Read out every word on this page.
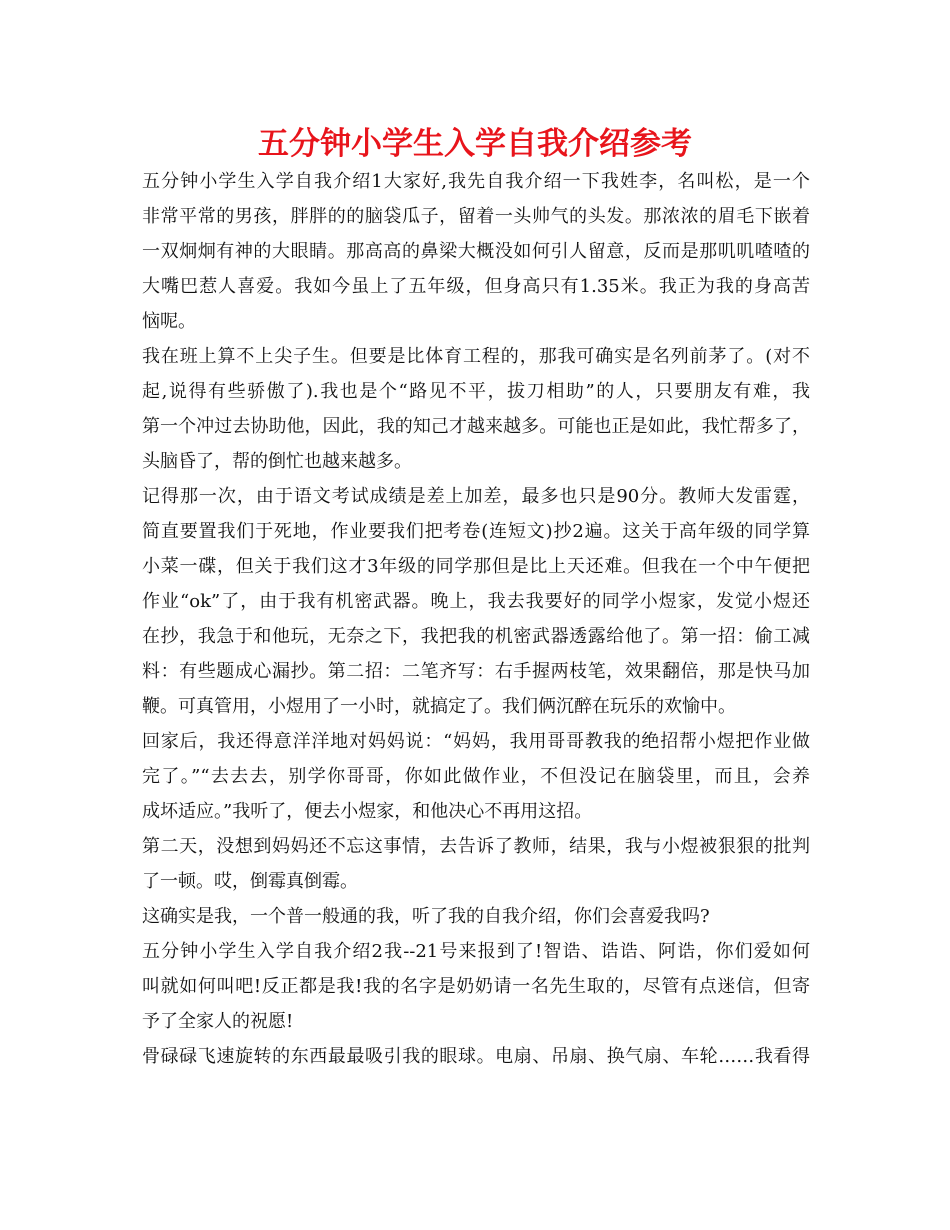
五分钟小学生入学自我介绍参考
五分钟小学生入学自我介绍1大家好,我先自我介绍一下我姓李，名叫松，是一个
非常平常的男孩，胖胖的的脑袋瓜子，留着一头帅气的头发。那浓浓的眉毛下嵌着
一双炯炯有神的大眼睛。那高高的鼻梁大概没如何引人留意，反而是那叽叽喳喳的
大嘴巴惹人喜爱。我如今虽上了五年级，但身高只有1.35米。我正为我的身高苦
恼呢。
我在班上算不上尖子生。但要是比体育工程的，那我可确实是名列前茅了。(对不
起,说得有些骄傲了).我也是个“路见不平，拔刀相助”的人，只要朋友有难，我
第一个冲过去协助他，因此，我的知己才越来越多。可能也正是如此，我忙帮多了，
头脑昏了，帮的倒忙也越来越多。
记得那一次，由于语文考试成绩是差上加差，最多也只是90分。教师大发雷霆，
简直要置我们于死地，作业要我们把考卷(连短文)抄2遍。这关于高年级的同学算
小菜一碟，但关于我们这才3年级的同学那但是比上天还难。但我在一个中午便把
作业“ok”了，由于我有机密武器。晚上，我去我要好的同学小煜家，发觉小煜还
在抄，我急于和他玩，无奈之下，我把我的机密武器透露给他了。第一招：偷工减
料：有些题成心漏抄。第二招：二笔齐写：右手握两枝笔，效果翻倍，那是快马加
鞭。可真管用，小煜用了一小时，就搞定了。我们俩沉醉在玩乐的欢愉中。
回家后，我还得意洋洋地对妈妈说：“妈妈，我用哥哥教我的绝招帮小煜把作业做
完了。”“去去去，别学你哥哥，你如此做作业，不但没记在脑袋里，而且，会养
成坏适应。”我听了，便去小煜家，和他决心不再用这招。
第二天，没想到妈妈还不忘这事情，去告诉了教师，结果，我与小煜被狠狠的批判
了一顿。哎，倒霉真倒霉。
这确实是我，一个普一般通的我，听了我的自我介绍，你们会喜爱我吗?
五分钟小学生入学自我介绍2我--21号来报到了!智诰、诰诰、阿诰，你们爱如何
叫就如何叫吧!反正都是我!我的名字是奶奶请一名先生取的，尽管有点迷信，但寄
予了全家人的祝愿!
骨碌碌飞速旋转的东西最最吸引我的眼球。电扇、吊扇、换气扇、车轮……我看得
